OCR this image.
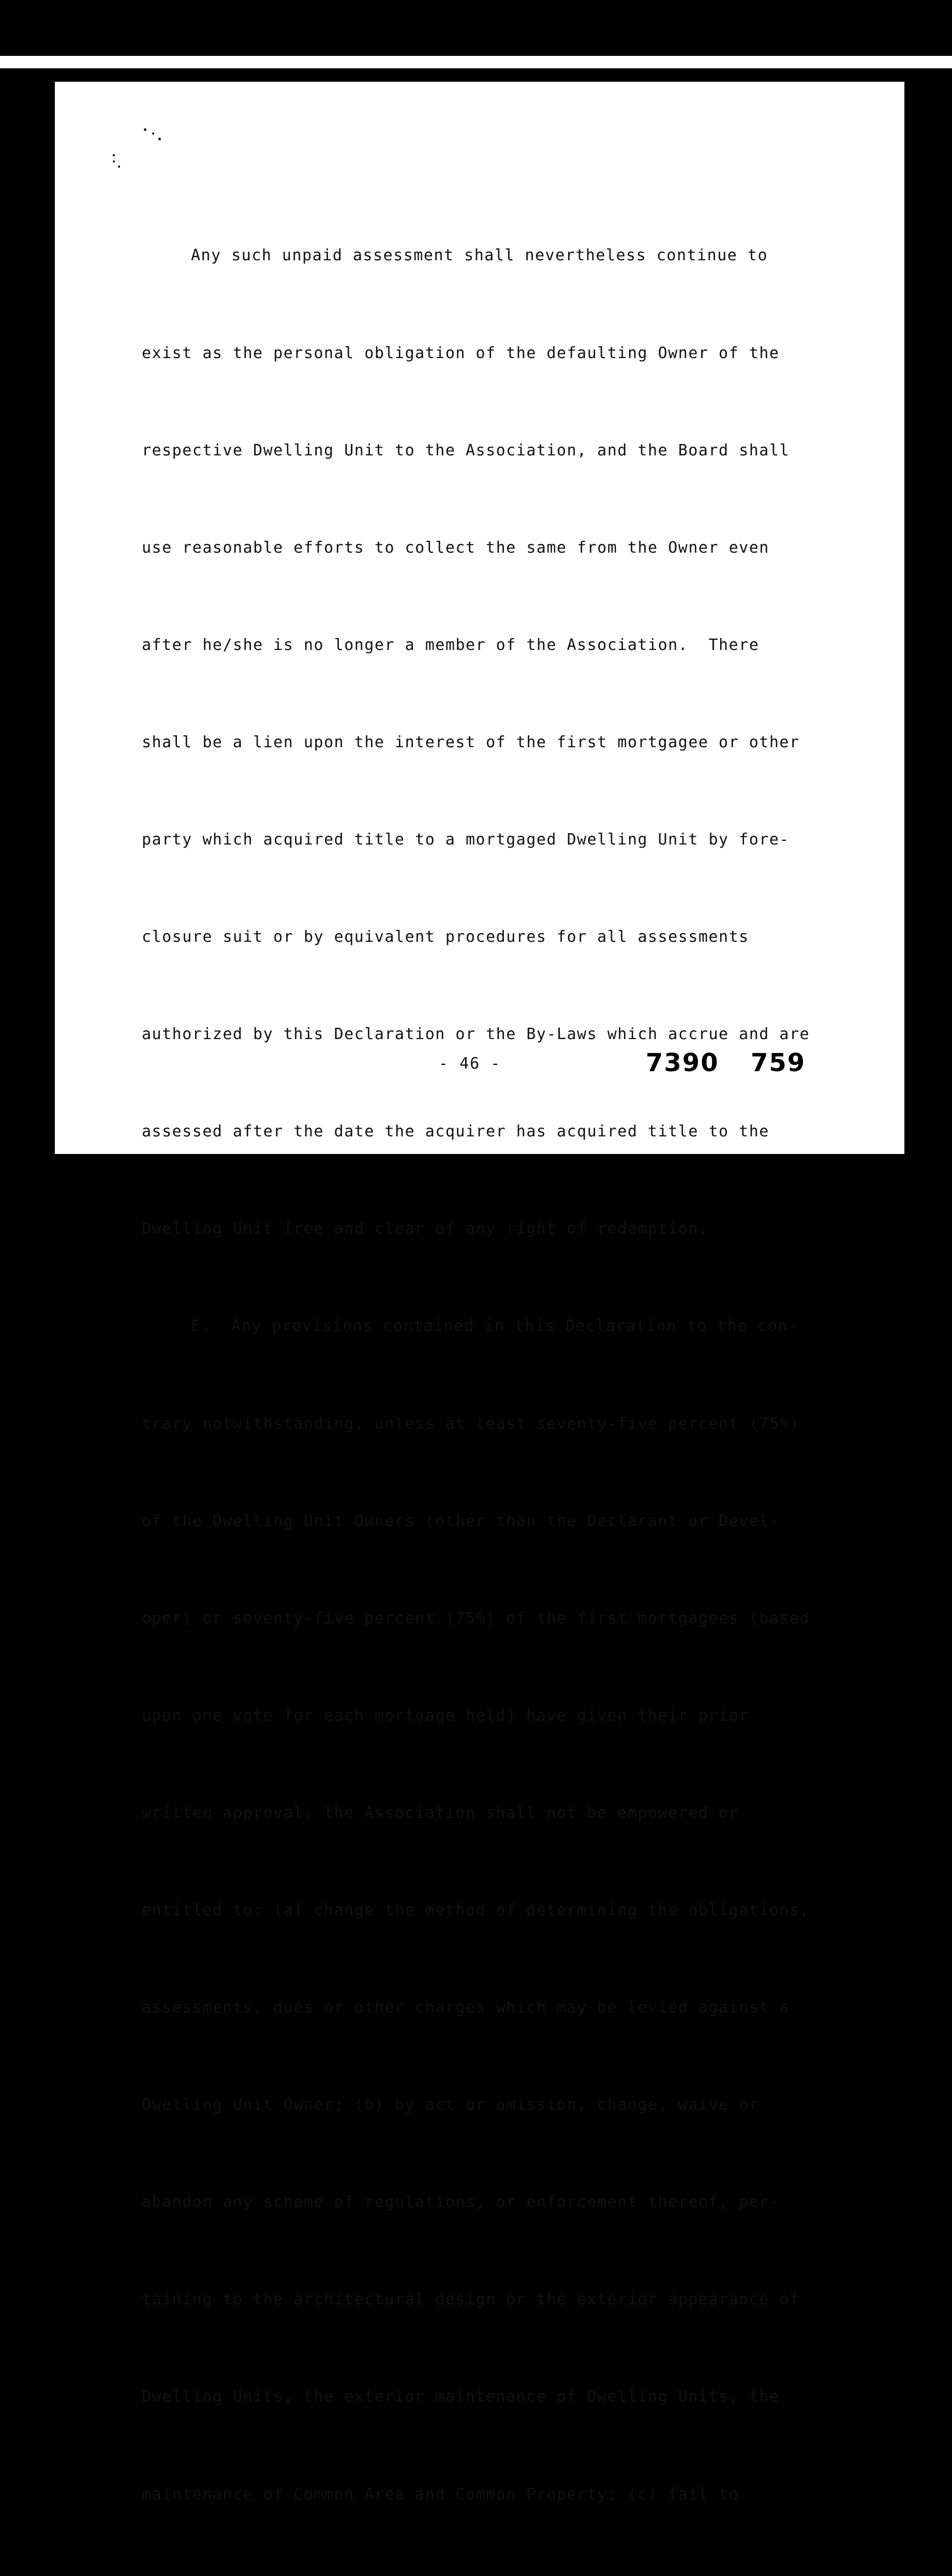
Any such unpaid assessment shall nevertheless continue to

exist as the personal obligation of the defaulting Owner of the

respective Dwelling Unit to the Association, and the Board shall

use reasonable efforts to collect the same from the Owner even

after he/she is no longer a member of the Association.  There

shall be a lien upon the interest of the first mortgagee or other

party which acquired title to a mortgaged Dwelling Unit by fore-

closure suit or by equivalent procedures for all assessments

authorized by this Declaration or the By-Laws which accrue and are

assessed after the date the acquirer has acquired title to the

Dwelling Unit free and clear of any right of redemption.

E.  Any provisions contained in this Declaration to the con-

trary notwithstanding, unless at least seventy-five percent (75%)

of the Dwelling Unit Owners (other than the Declarant or Devel-

oper) or seventy-five percent (75%) of the first mortgagees (based

upon one vote for each mortgage held) have given their prior

written approval, the Association shall not be empowered or

entitled to: (a) change the method of determining the obligations,

assessments, dues or other charges which may be levied against a

Dwelling Unit Owner; (b) by act or omission, change, waive or

abandon any scheme of regulations, or enforcement thereof, per-

taining to the architectural design or the exterior appearance of

Dwelling Units, the exterior maintenance of Dwelling Units, the

maintenance of Common Area and Common Property; (c) fail to

- 46 -	7390 759
